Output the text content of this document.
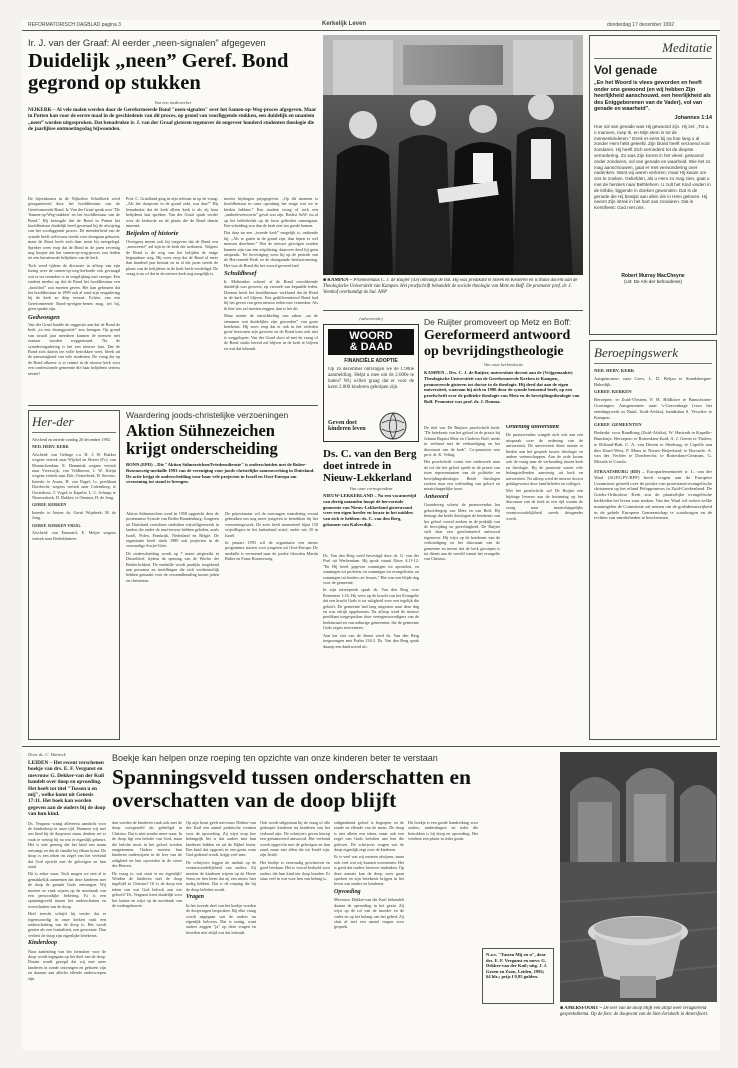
REFORMATORISCH DAGBLAD pagina 3	Kerkelijk Leven	donderdag 17 december 1992
Ir. J. van der Graaf: Al eerder „neen-signalen” afgegeven
Duidelijk „neen” Geref. Bond gegrond op stukken
Van een medewerker
NIJKERK – Al vele malen werden door de Gereformeerde Bond "neen-signalen" over het Samen-op-Weg-proces afgegeven. Maar in Putten kan voor de eerste maal in de geschiedenis van dit proces, op grond van voorliggende stukken, een duidelijk en unaniem „neen” worden uitgesproken. Dat benadrukte ir. J. van der Graaf gisteren tegenover de ongeveer honderd studenten theologie die de jaarlijkse ontmoetingsdag bijwoonden.

De bijeenkomst in de Nijkerkse Schuilkerk werd georganiseerd door het hoofdbestuur van de Gereformeerde Bond. Ir. Van der Graaf sprak over "De 'Samen-op-Weg-stukken' en het hoofdbestuur van de Bond." Hij betoogde dat de Bond in Putten het hoofdbestuur duidelijk heeft gesteund bij de afwijzing van het voorliggende proces. De meerderheid van de synode heeft weliswaar steeds voor doorgaan gekozen, maar de Bond heeft zich daar nooit bij neergelegd. Spreker wees erop dat de Bond in de jaren zeventig nog hoopte dat het samen-op-weg-proces zou leiden tot een hernieuwde belijdenis van de kerk.

Toch werd tijdens de discussie in afloop van zijn lezing over de samen-op-weg-kerkorde ook gevraagd wat er nu verandert is in vergelijking met vroeger. Een student merkte op dat de Bond het hoofdbestuur een „hoofdrol” zou moeten geven. Het kan gebeuren dat het hoofdbestuur in 1999 ook al rond zijn vergadering bij de kerk zo diep ervaart. Echter, van een Gereformeerde Bond-op-eigen-benen mag, zei hij, geen sprake zijn.

Gedwongen

Van der Graaf haalde de suggestie aan dat de Bond de kerk „in een dwangpositie” zou brengen. Op grond van twaalf jaar meedoen kunnen de mensen niet zomaar worden weggestuurd. Na de synodevergadering is het een nieuwe fase. Dat de Bond zich daarin ten volle betrokken weet, bleek uit de aanwezigheid van vele studenten. De vraag die op de Bond afkomt: is er ruimte in de nieuwe kerk voor een confessionele gemeente die haar belijdenis serieus neemt?

Prof. C. Graafland ging in zijn referaat in op de vraag: „Als het doopvont in de grond zakt, wat dan?” Hij benadrukte dat de kerk alleen kerk is als zij haar belijdenis laat spreken. Van der Graaf sprak verder over de kerkorde en de plaats die de Bond daarin inneemt.

Beijeden of historie

Overigens meent ook hij toegeven dat de Bond een „noeweeste” zal zijn in de kerk der toekomst. Volgens de Bond is de weg van het belijden de enige begaanbare weg. Hij wees erop dat de Bond al meer dan honderd jaar bestaat en in al die jaren steeds de plaats van de belijdenis in de kerk heeft verdedigd. De vraag is nu of dat in de nieuwe kerk nog mogelijk is.

moeite bijdragen prijsgegeven. „Op dit moment is hoofdbestuur in onze opvatting het enige wat we te bieden hebben.” Een student vroeg of toch een „amberlevensvorm” geval zou zijn. Beslist SoW: nu al op het beleidsvlak op de facto gebieden samengaan. Een scheiding zou dan de kerk niet ten goede komen.

Dat daar nu een „tweede kerk” mogelijk is, ontkende hij. „Als er gaten in de grond zijn, dan lopen er wel mensen doorheen.” Wat de nieuwe gevolgen zouden kunnen zijn van een afsplitsing, daarover deed hij geen uitspraak. Ter bevestiging wees hij op de periode van de Hervormde Kerk en de doorgaande besluitvorming. Het was de Bond die het woord gevoerd had.

Schuldbesef

Ir. Moltmaker schreef af de Bond onvoldoende duidelijk was geweest, op verzoek van bepaalde leden. Daarom heeft het hoofdbestuur verklaard dat de Bond in de kerk wil blijven. Een gedifferentieerd Bond had bij het geven van geen nieuwe reden niet vermeden. Als ik hier iets zal moeten zeggen, dan is het dit.

Maar noemt de ontwikkeling van zaken „nu de stemmen wat duidelijker zijn geworden” van grote betekenis. Hij wees erop dat er ook in het verleden grote bezwaren zijn geweest en de Bond toen ook niet is weggelopen. Van der Graaf sloot af met de vraag of de Bond straks bereid zal blijven in de kerk te blijven en wat dat inhoudt.

■ KAMPEN – Promovendus C. J. de Ruijter (43) ontvangt de bul. Hij was predikant te Sneek en Kesteren en is thans docent aan de Theologische Universiteit van Kampen. Het proefschrift behandelt de sociale theologie van Metz en Boff. De promotor prof. dr. J. Veenhof overhandigt de bul. ANP
(advertentie)
WOORD
& DAAD
FINANCIËLE ADOPTIE
Op 16 december ontvingen we de 1.900e aanmelding. Helpt u mee om de 2.000e te halen? Wij willen graag dat er voor de kerst 2.000 kinderen geholpen zijn.
Geven doet kinderen leven
Ds. C. van den Berg doet intrede in Nieuw-Lekkerland
Van onze correspondent
NIEUW-LEKKERLAND – Na een vacaturetijd van dertig maanden hoopt de hervormde gemeente van Nieuw-Lekkerland gisteravond weer een eigen herder en leraar in het midden van zich te hebben: ds. C. van den Berg, gekomen van Kalverdijk.

Ds. Van den Berg werd bevestigd door ds. G. van der Poel uit Werkendam. Hij sprak vanuit Efeze 4:11-12: "En Hij heeft gegeven sommigen tot apostelen, en sommigen tot profeten, en sommigen tot evangelisten, en sommigen tot herders en leraars." Het was een blijde dag voor de gemeente.

In zijn intreepreek sprak ds. Van den Berg over Romeinen 1:16. Hij wees op de kracht van het Evangelie dat een kracht Gods is tot zaligheid voor een iegelijk die gelooft. De gemeente had lang uitgezien naar deze dag en was talrijk opgekomen. Na afloop werd de nieuwe predikant toegesproken door vertegenwoordigers van de kerkenraad en van naburige gemeenten, die de gemeente Gods zegen toewensten.

Aan het slot van de dienst werd ds. Van den Berg toegezongen met Psalm 134:3. Ds. Van den Berg sprak daarop een dankwoord uit.

De Ruijter promoveert op Metz en Boff:
Gereformeerd antwoord op bevrijdingstheologie
Van onze kerkredactie
KAMPEN – Drs. C. J. de Ruijter, universitair docent aan de (Vrijgemaakte) Theologische Universiteit van de Gereformeerde Kerken te Kampen, promoveerde gisteren tot doctor in de theologie. Hij deed dat aan de eigen universiteit, waaraan hij zich in 1990 door de synode benoemd heeft, op een proefschrift over de politieke theologie van Metz en de bevrijdingstheologie van Boff. Promotor was prof. dr. J. Douma.

De titel van De Ruijters proefschrift luidt: "De betekenis van het geloof in de praxis bij Johann Baptist Metz en Clodovis Boff, mede in verband met de verkondiging en het diaconaat van de kerk". Co-promotor was prof. dr. K. Veling.

Het proefschrift vormt een onderzoek naar de rol die het geloof speelt in de praxis van twee representanten van de politieke en bevrijdingstheologie. Beide theologen zoeken naar een verbinding van geloof en maatschappelijke inzet.

Antwoord

Gaandeweg schetst de promovendus het geloofsbegrip van Metz en van Boff. Hij betoogt dat beide theologen de betekenis van het geloof vooral zoeken in de praktijk van de bevrijding en gerechtigheid. De Ruijter stelt daar een gereformeerd antwoord tegenover. Hij wijst op de betekenis van de verkondiging en het diaconaat van de gemeente en meent dat de kerk geroepen is tot dienst aan de wereld vanuit het evangelie van Christus.

Ordening universiteit

De promovendus waagde zich ook aan een uitspraak over de ordening van de universiteit. De universiteit dient ruimte te bieden aan het gesprek tussen theologie en andere wetenschappen. Aan de orde kwam ook de vraag naar de verhouding tussen kerk en theologie. Bij de promotie waren vele belangstellenden aanwezig uit kerk en universiteit. Na afloop werd de nieuwe doctor gelukgewenst door familieleden en collega's.

Met het proefschrift wil De Ruijter een bijdrage leveren aan de bezinning op het diaconaat van de kerk in een tijd waarin de vraag naar maatschappelijke verantwoordelijkheid steeds dringender wordt.

Her-der

Afscheid en intrede zondag 20 december 1992.

NED. HERV. KERK

Afscheid: van Gelinge c.a. H. J. W. Bakker wegens vertrek naar Wijckel en Sloten (Fr.); van Monnickendam, E. Hemmink wegens vertrek naar Vreeswijk; van Veldhoven, J. W. Kleijn wegens vertrek naar Ede; Oosterbeek, H. Stevens. Intrede: te Assen, H. van Nagel, l.c. predikant Dordrecht; wegens vertrek naar Culemborg; te Oosterhout, T. Vogel; te Kapelle, L. C. Schaap; te Nieuwerkerk, D. Bakker; te Ommen, H. de Jong.

GEREF. KERKEN

Intrede: te Ansen: ds. Gerrit Wijnbeek, M. de Jong.

GEREF. KERKEN VRIJG.

Afscheid: van Enumatil, E. Meijer wegens vertrek naar Berkeldsmeer.

Waardering joods-christelijke verzoeningen
Aktion Sühnezeichen krijgt onderscheiding
BONN (EPD) – Die "Aktion Sühnezeichen/Friedensdienste" is onderscheiden met de Buber-Rosenzweig-medaille 1993 van de vereniging voor joods-christelijke samenwerking in Duitsland. De actie krijgt de onderscheiding voor haar vele projecten in Israël en Oost-Europa om verzoening tot stand te brengen.

Aktion Sühnezeichen werd in 1958 opgericht door de protestantse Synode van Berlin-Brandenburg. Jongeren uit Duitsland verrichten sindsdien vrijwilligerswerk in landen die onder de nazi-terreur hebben geleden, zoals Israël, Polen, Frankrijk, Nederland en België. De organisatie heeft sinds 1989 ook projecten in de voormalige Sovjet-Unie.

De onderscheiding wordt op 7 maart uitgereikt in Düsseldorf, tijdens de opening van de Woche der Brüderlichkeit. De medaille wordt jaarlijks toegekend aan personen en instellingen die zich verdienstelijk hebben gemaakt voor de verstandhouding tussen joden en christenen.

De prijswinnaar wil de ontvangen waardering vooral gebruiken om nog meer jongeren te betrekken bij het verzoeningswerk. De actie heeft momenteel bijna 150 vrijwilligers in het buitenland actief, onder wie 20 in Israël.

In januari 1993 wil de organisatie een nieuw programma starten voor jongeren uit Oost-Europa. De medaille is vernoemd naar de joodse filosofen Martin Buber en Franz Rosenzweig.

Meditatie
Vol genade
„En het Woord is vlees geworden en heeft onder ons gewoond (en wij hebben Zijn heerlijkheid aanschouwd, een heerlijkheid als des Eniggeborenen van de Vader), vol van genade en waarheid”.
Johannes 1:14
Hoe vol van genade was Hij gewoond zijn. Hij zei: „Tot u, o mannen, roep Ik, en Mijn stem is tot de mensenkinderen.” Denk er eens bij na hoe lang u al zonder Hem hebt geleefd. Zijn bloed heeft verzoend voor zondaren. Hij heeft Zich vernederd tot de diepste vernedering. Zo was Zijn komst in het vlees: gewoond onder zondaren, vol van genade en waarheid. Wie het zo mag aanschouwen, gaat er met verwondering over nadenken. Want wij waren verloren; maar Hij kwam om ons te zoeken. Geliefden, als u Hem zo mag zien, gaat u met de herders naar Bethlehem. U zult het Kind vinden in de kribbe, liggende in doeken gewonden. Dat is de genade die Hij bewijst aan allen die in Hem geloven. Hij neemt Zijn intrek in het hart van zondaren. Dat is Kerstfeest: God met ons.
Robert Murray MacCheyne
(Uit: De Ark der behoudenis)
Beroepingswerk

NED. HERV. KERK

Aangenomen: naar Goes, L. D. Beljaa te Standsbergen-Bekedijk.

GEREF. KERKEN

Beroepen: te Zuid-Vleuten, F. H. Bildhiwe te Bunschoten-Groningen. Aangenomen: naar 's-Gravenhage (voor het zendingswerk in Natal, Zuid-Afrika), kandidaat S. Visscher te Kampen.

GEREF. GEMEENTEN

Bedankt: voor Randburg (Zuid-Afrika), W. Hartrath te Kapelle-Bandonje. Beroepen: te Rotterdam-Zuid, A. J. Geerts te Tholen; te Riffand-Buh, C. A. van Dieren te Sleeburg; te Capelle aan den IJssel-West, P. Mens te Nieuw-Beijerland; te Borssele, A. van der Verfder te Dorderecht; te Rotterdam-Centrum, G. Mourik te Gouda.

STRAATSBURG (RD) – Europarlementariër ir. L. van der Waal (SGP/GPV/RPF) heeft vragen aan de Europese Commissie gesteld over de positie van protestants-evangelische christenen op het eiland Pelopponesos in Zuid-Griekenland. De Grieks-Orthodoxe Kerk zou de plaatselijke evangelische kerkleden het leven zuur maken. Van der Waal wil weten welke maatregelen de Commissie zal nemen om de godsdienstvrijheid in de gehele Europese Gemeenschap te waarborgen en de rechten van minderheden te beschermen.

Door ds. C. Harinck
LEIDEN – Het recent verschenen boekje van drs. E. F. Vergunst en mevrouw G. Dekker-van der Kuil handelt over doop en opvoeding. Het heeft tot titel "Tussen u en mij", welke komt uit Genesis 17:11. Het boek kan worden gegeven aan de ouders bij de doop van hun kind.

Ds. Vergunst vraagt allereerst aandacht voor de kinderdoop in onze tijd. Wanneer wij met ons kind bij de doopvont staan, denken we er vaak te weinig bij na wat er eigenlijk gebeurt. Het is niet genoeg dat het kind een naam ontvangt en dat de familie bij elkaar komt. De doop is een teken en zegel van het verbond dat God opricht met de gelovigen en hun zaad.

Dit is zeker waar. Toch mogen we niet al te gemakkelijk aannemen dat deze kinderen met de doop de genade Gods ontvangen. Wij moeten ze vaak wijzen op de noodzaak van een persoonlijke bekering. Er is een spanningsveld tussen het onderschatten en overschatten van de doop.

Heel terecht schrijft hij verder dat er tegenwoordig in onze kerken vaak een onderschatting van de doop is. Het wordt gezien als een formaliteit, een gewoonte. Dan verliest de doop zijn eigenlijke betekenis.

Kinderdoop

Naar aanleiding van het formulier voor de doop wordt ingegaan op het doel van de doop. Daarin wordt gezegd dat wij met onze kinderen in zonde ontvangen en geboren zijn en daarom aan allerlei ellende onderworpen zijn.

Boekje kan helpen onze roeping ten opzichte van onze kinderen beter te verstaan
Spanningsveld tussen onderschatten en overschatten van de doop blijft

dan werden de kinderen vaak ook met de doop voorgesteld als geheiligd in Christus. Dat is niet zonder meer waar. In de doop ligt een belofte van God, maar die belofte moet in het geloof worden aangenomen. Ouders moeten hun kinderen onderwijzen in de leer van de zaligheid en hen opvoeden in de vreze des Heeren.

De vraag is: wat staat er nu eigenlijk? Worden de kinderen met de doop ingelijfd in Christus? Of is de doop een teken van wat God belooft aan wie gelooft? Ds. Vergunst kiest duidelijk voor het laatste en wijst op de noodzaak van de wedergeboorte.

Op zijn beurt geeft mevrouw Dekker-van der Kuil een aantal praktische wenken voor de opvoeding. Zij wijst erop hoe belangrijk het is dat ouders met hun kinderen bidden en uit de Bijbel lezen. Een kind dat opgroeit in een gezin waar God gediend wordt, krijgt veel mee.

De schrijvers leggen de nadruk op de verantwoordelijkheid van ouders. Zij moeten de kinderen wijzen op de Heere Jezus en hen leren dat zij een nieuw hart nodig hebben. Dat is de roeping die bij de doop beleden wordt.

Vragen

In het tweede deel van het boekje worden de doopvragen besproken. Bij elke vraag wordt nagegaan wat de ouders nu eigenlijk beloven. Dat is nuttig, want ouders zeggen "ja" op deze vragen en beseffen niet altijd wat dat inhoudt.

Ook wordt stilgestaan bij de vraag of alle gedoopte kinderen nu kinderen van het verbond zijn. De schrijvers geven hierop een genuanceerd antwoord. Het verbond wordt opgericht met de gelovigen en hun zaad, maar niet allen die uit Israël zijn, zijn Israël.

Het boekje is eenvoudig geschreven en goed leesbaar. Het is vooral bedoeld voor ouders die hun kind ten doop houden. Er staat veel in wat voor hen van belang is.

zaligmakend geloof is begrepen en de zonde en ellende van de mens. De doop is niet alleen een teken, maar ook een zegel van Gods beloften aan hen die geloven. De schrijvers vragen wat de doop eigenlijk zegt over de kinderen.

Er is veel wat wij moeten afwijzen, maar ook veel wat wij kunnen overnemen. Het is goed dat ouders hierover nadenken. Op deze manier kan de doop weer gaan spreken en zijn betekenis krijgen in het leven van ouders en kinderen.

Opvoeding

Mevrouw Dekker-van der Kuil behandelt daarna de opvoeding in het gezin. Zij wijst op de rol van de moeder en de vader en op het belang van het gebed. Zij sluit af met een aantal vragen voor gesprek.

Dit boekje is een goede handreiking voor ouders, ambtsdragers en ieder die betrokken is bij doop en opvoeding. Het verdient een plaats in ieder gezin.

N.a.v. "Tussen Mij en u", door drs. E. F. Vergunst en mevr. G. Dekker-van der Kuil; uitg. J. J. Groen en Zoon, Leiden, 1992; 64 blz.; prijs f 9,95 gulden.
■ AMERSFOORT – De leer van de doop blijft een altijd weer terugkerend gespreksthema. Op de foto: de doopvont van de Sint-Joriskerk in Amersfoort.
